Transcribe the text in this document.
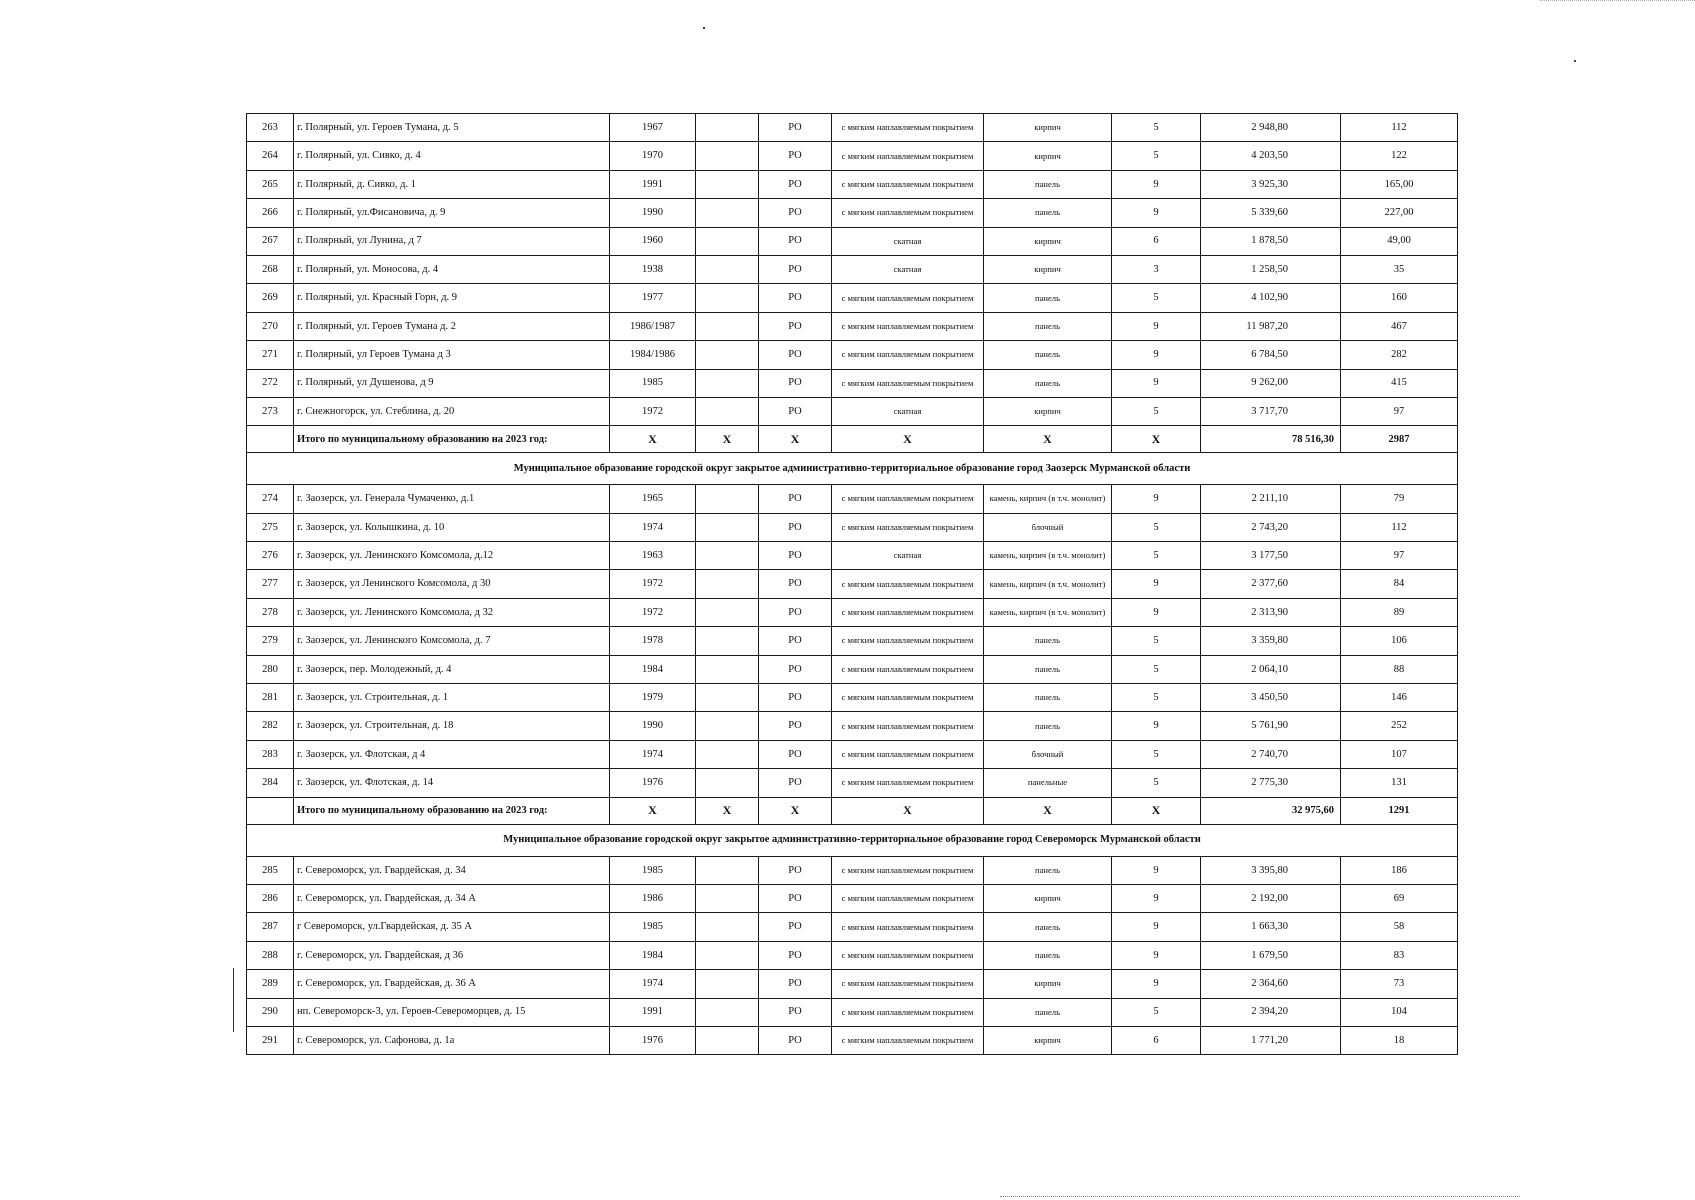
263	г. Полярный, ул. Героев Тумана, д. 5	1967		РО	с мягким наплавляемым покрытием	кирпич	5	2 948,80	112
264	г. Полярный, ул. Сивко, д. 4	1970		РО	с мягким наплавляемым покрытием	кирпич	5	4 203,50	122
265	г. Полярный, д. Сивко, д. 1	1991		РО	с мягким наплавляемым покрытием	панель	9	3 925,30	165,00
266	г. Полярный, ул.Фисановича, д. 9	1990		РО	с мягким наплавляемым покрытием	панель	9	5 339,60	227,00
267	г. Полярный, ул Лунина, д 7	1960		РО	скатная	кирпич	6	1 878,50	49,00
268	г. Полярный, ул. Моносова, д. 4	1938		РО	скатная	кирпич	3	1 258,50	35
269	г. Полярный, ул. Красный Горн, д. 9	1977		РО	с мягким наплавляемым покрытием	панель	5	4 102,90	160
270	г. Полярный, ул. Героев Тумана д. 2	1986/1987		РО	с мягким наплавляемым покрытием	панель	9	11 987,20	467
271	г. Полярный, ул Героев Тумана д 3	1984/1986		РО	с мягким наплавляемым покрытием	панель	9	6 784,50	282
272	г. Полярный, ул Душенова, д 9	1985		РО	с мягким наплавляемым покрытием	панель	9	9 262,00	415
273	г. Снежногорск, ул. Стеблина, д. 20	1972		РО	скатная	кирпич	5	3 717,70	97
	Итого по муниципальному образованию на 2023 год:	X	X	X	X	X	X	78 516,30	2987
Муниципальное образование городской округ закрытое административно-территориальное образование город Заозерск Мурманской области									
274	г. Заозерск, ул. Генерала Чумаченко, д.1	1965		РО	с мягким наплавляемым покрытием	камень, кирпич (в т.ч. монолит)	9	2 211,10	79
275	г. Заозерск, ул. Колышкина, д. 10	1974		РО	с мягким наплавляемым покрытием	блочный	5	2 743,20	112
276	г. Заозерск, ул. Ленинского Комсомола, д.12	1963		РО	скатная	камень, кирпич (в т.ч. монолит)	5	3 177,50	97
277	г. Заозерск, ул Ленинского Комсомола, д 30	1972		РО	с мягким наплавляемым покрытием	камень, кирпич (в т.ч. монолит)	9	2 377,60	84
278	г. Заозерск, ул. Ленинского Комсомола, д 32	1972		РО	с мягким наплавляемым покрытием	камень, кирпич (в т.ч. монолит)	9	2 313,90	89
279	г. Заозерск, ул. Ленинского Комсомола, д. 7	1978		РО	с мягким наплавляемым покрытием	панель	5	3 359,80	106
280	г. Заозерск, пер. Молодежный, д. 4	1984		РО	с мягким наплавляемым покрытием	панель	5	2 064,10	88
281	г. Заозерск, ул. Строительная, д. 1	1979		РО	с мягким наплавляемым покрытием	панель	5	3 450,50	146
282	г. Заозерск, ул. Строительная, д. 18	1990		РО	с мягким наплавляемым покрытием	панель	9	5 761,90	252
283	г. Заозерск, ул. Флотская, д 4	1974		РО	с мягким наплавляемым покрытием	блочный	5	2 740,70	107
284	г. Заозерск, ул. Флотская, д. 14	1976		РО	с мягким наплавляемым покрытием	панельные	5	2 775,30	131
	Итого по муниципальному образованию на 2023 год:	X	X	X	X	X	X	32 975,60	1291
Муниципальное образование городской округ закрытое административно-территориальное образование город Североморск Мурманской области									
285	г. Североморск, ул. Гвардейская, д. 34	1985		РО	с мягким наплавляемым покрытием	панель	9	3 395,80	186
286	г. Североморск, ул. Гвардейская, д. 34 А	1986		РО	с мягким наплавляемым покрытием	кирпич	9	2 192,00	69
287	г Североморск, ул.Гвардейская, д. 35 А	1985		РО	с мягким наплавляемым покрытием	панель	9	1 663,30	58
288	г. Североморск, ул. Гвардейская, д 36	1984		РО	с мягким наплавляемым покрытием	панель	9	1 679,50	83
289	г. Североморск, ул. Гвардейская, д. 36 А	1974		РО	с мягким наплавляемым покрытием	кирпич	9	2 364,60	73
290	нп. Североморск-3, ул. Героев-Североморцев, д. 15	1991		РО	с мягким наплавляемым покрытием	панель	5	2 394,20	104
291	г. Североморск, ул. Сафонова, д. 1а	1976		РО	с мягким наплавляемым покрытием	кирпич	6	1 771,20	18
